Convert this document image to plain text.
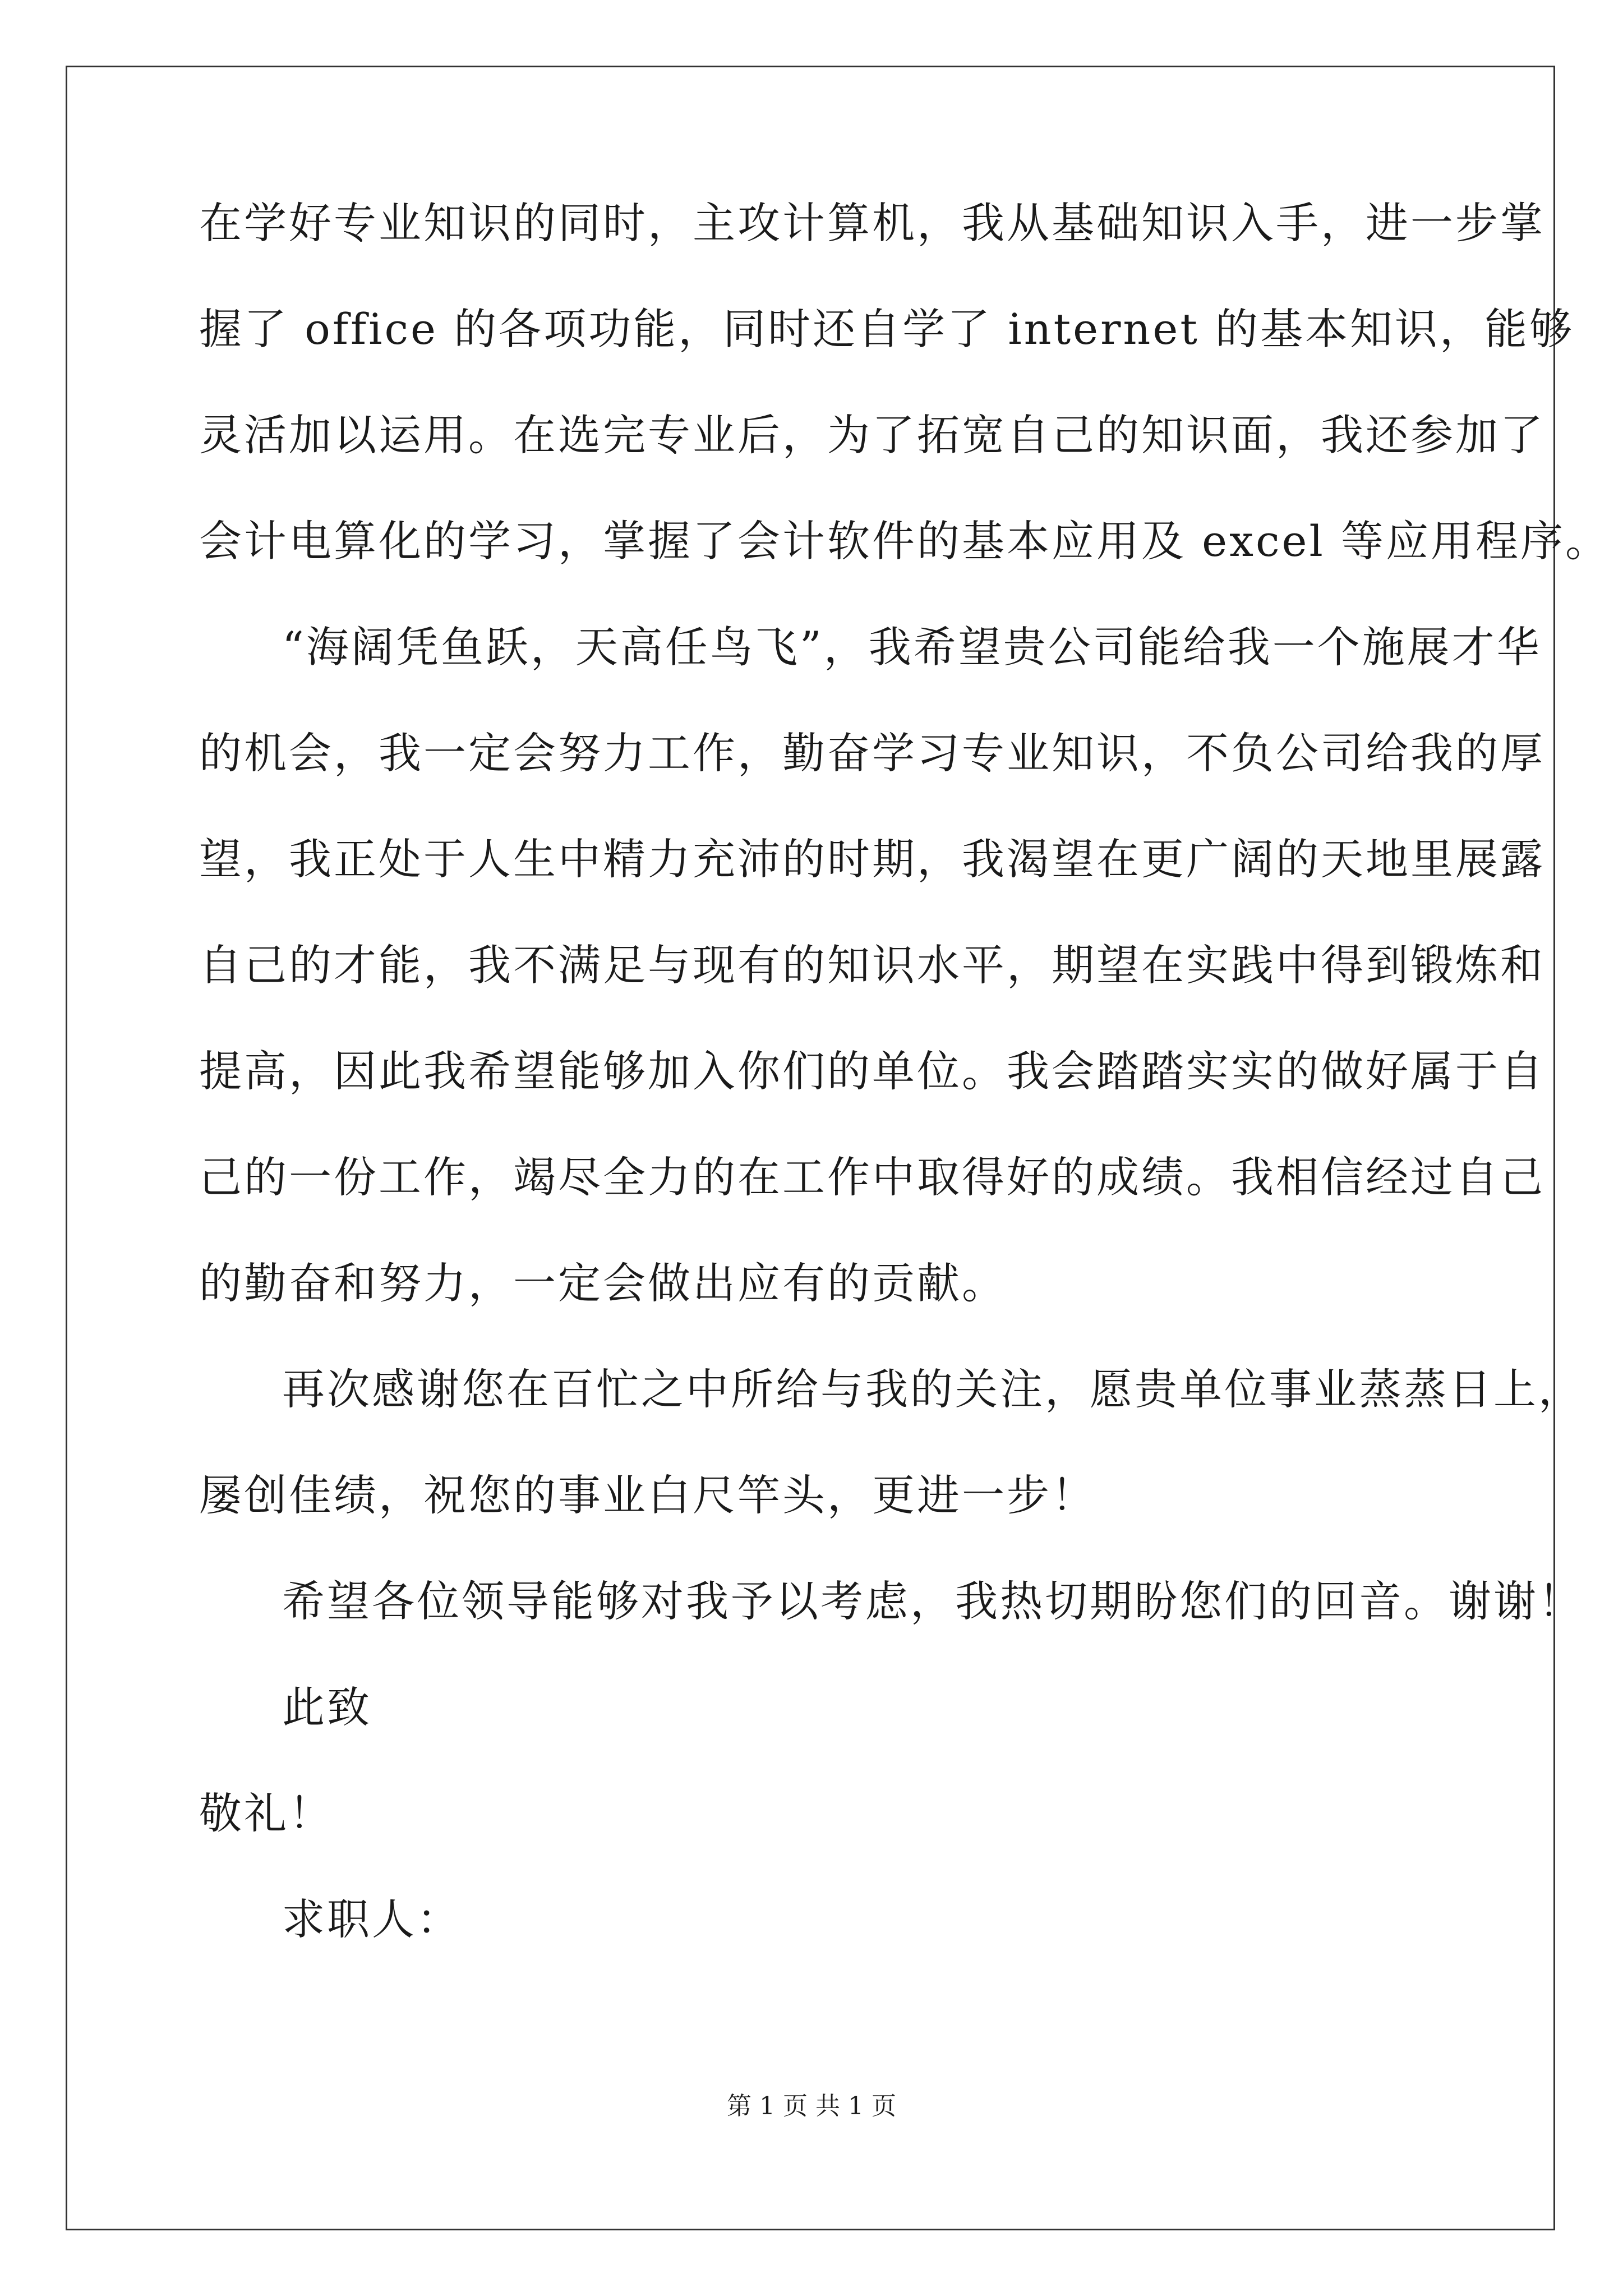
在学好专业知识的同时，主攻计算机，我从基础知识入手，进一步掌
握了 office 的各项功能，同时还自学了 internet 的基本知识，能够
灵活加以运用。在选完专业后，为了拓宽自己的知识面，我还参加了
会计电算化的学习，掌握了会计软件的基本应用及 excel 等应用程序。
“海阔凭鱼跃，天高任鸟飞”，我希望贵公司能给我一个施展才华
的机会，我一定会努力工作，勤奋学习专业知识，不负公司给我的厚
望，我正处于人生中精力充沛的时期，我渴望在更广阔的天地里展露
自己的才能，我不满足与现有的知识水平，期望在实践中得到锻炼和
提高，因此我希望能够加入你们的单位。我会踏踏实实的做好属于自
己的一份工作，竭尽全力的在工作中取得好的成绩。我相信经过自己
的勤奋和努力，一定会做出应有的贡献。
再次感谢您在百忙之中所给与我的关注，愿贵单位事业蒸蒸日上，
屡创佳绩，祝您的事业白尺竿头，更进一步！
希望各位领导能够对我予以考虑，我热切期盼您们的回音。谢谢！
此致
敬礼！
求职人：
第 1 页 共 1 页
